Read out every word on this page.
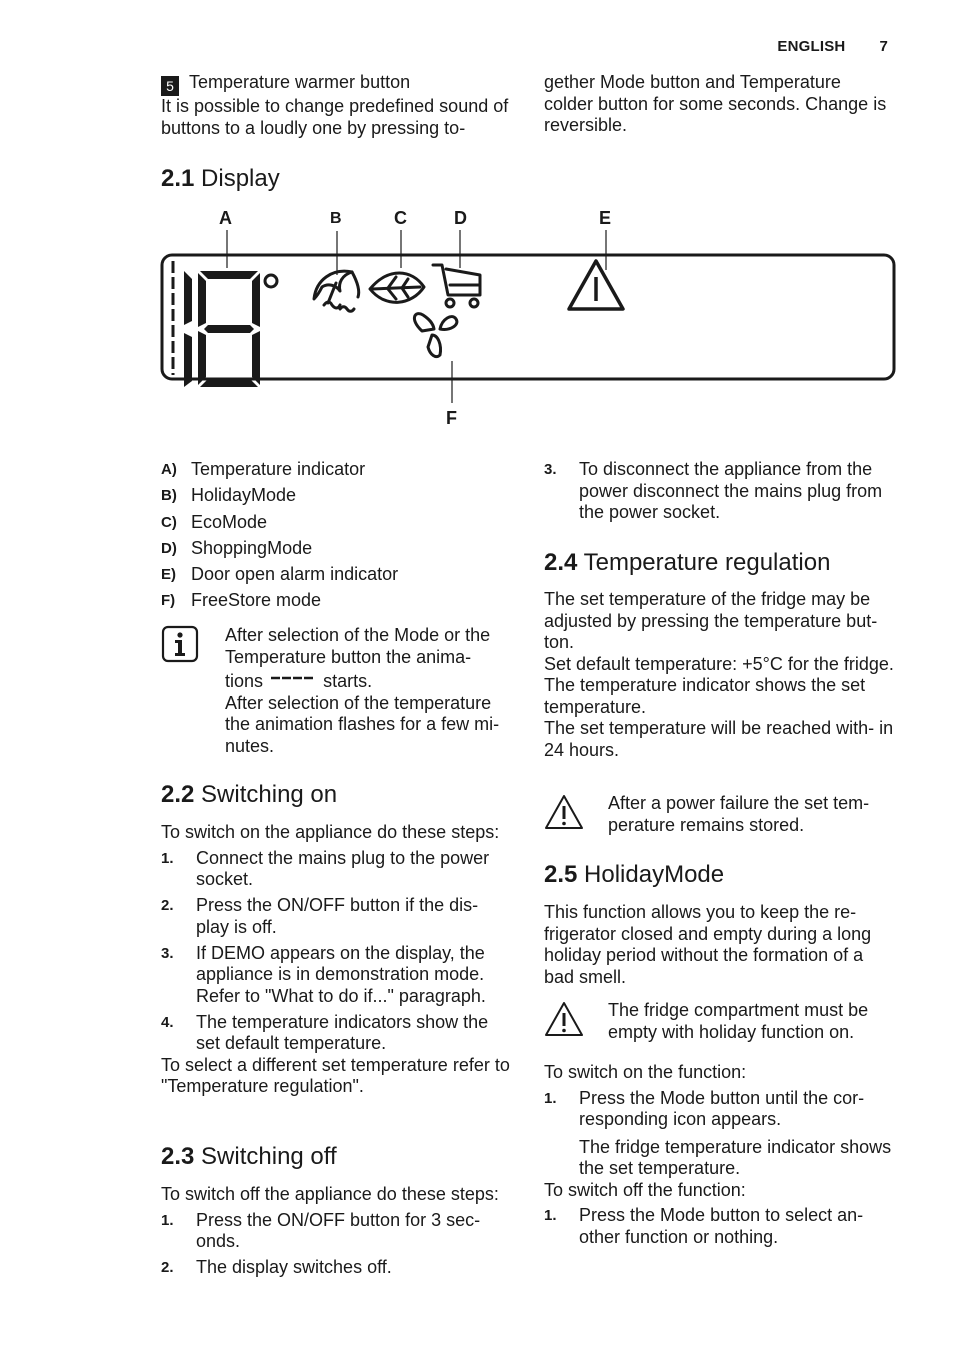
ENGLISH 7

5 Temperature warmer button

It is possible to change predefined sound of buttons to a loudly one by pressing to-

gether Mode button and Temperature colder button for some seconds. Change is reversible.

2.1 Display
A	B	C	D	E
F
A) Temperature indicator
B) HolidayMode
C) EcoMode
D) ShoppingMode
E) Door open alarm indicator
F) FreeStore mode

After selection of the Mode or the Temperature button the anima-

tions	starts.

After selection of the temperature the animation flashes for a few mi- nutes.

2.2 Switching on

To switch on the appliance do these steps:

1.	Connect the mains plug to the power socket.
2.	Press the ON/OFF button if the dis- play is off.
3.	If DEMO appears on the display, the appliance is in demonstration mode. Refer to "What to do if..." paragraph.
4.	The temperature indicators show the set default temperature.

To select a different set temperature refer to "Temperature regulation".

2.3 Switching off

To switch off the appliance do these steps:

1.	Press the ON/OFF button for 3 sec- onds.
2.	The display switches off.
3.	To disconnect the appliance from the power disconnect the mains plug from the power socket.
2.4 Temperature regulation

The set temperature of the fridge may be adjusted by pressing the temperature but- ton.

Set default temperature: +5°C for the fridge.

The temperature indicator shows the set temperature.

The set temperature will be reached with- in 24 hours.

After a power failure the set tem- perature remains stored.

2.5 HolidayMode

This function allows you to keep the re- frigerator closed and empty during a long holiday period without the formation of a bad smell.

The fridge compartment must be empty with holiday function on.

To switch on the function:

1.	Press the Mode button until the cor- responding icon appears.

The fridge temperature indicator shows the set temperature.

To switch off the function:

1.	Press the Mode button to select an- other function or nothing.
